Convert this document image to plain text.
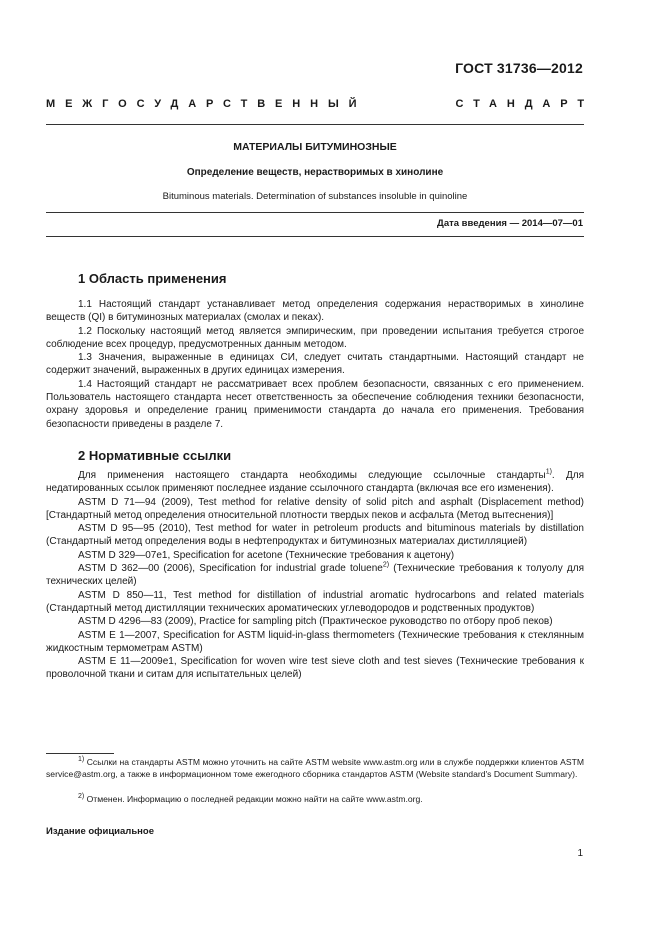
ГОСТ 31736—2012
МЕЖГОСУДАРСТВЕННЫЙ	СТАНДАРТ
МАТЕРИАЛЫ БИТУМИНОЗНЫЕ
Определение веществ, нерастворимых в хинолине
Bituminous materials. Determination of substances insoluble in quinoline
Дата введения — 2014—07—01
1 Область применения

1.1 Настоящий стандарт устанавливает метод определения содержания нерастворимых в хинолине веществ (QI) в битуминозных материалах (смолах и пеках).

1.2 Поскольку настоящий метод является эмпирическим, при проведении испытания требуется строгое соблюдение всех процедур, предусмотренных данным методом.

1.3 Значения, выраженные в единицах СИ, следует считать стандартными. Настоящий стандарт не содержит значений, выраженных в других единицах измерения.

1.4 Настоящий стандарт не рассматривает всех проблем безопасности, связанных с его применением. Пользователь настоящего стандарта несет ответственность за обеспечение соблюдения техники безопасности, охрану здоровья и определение границ применимости стандарта до начала его применения. Требования безопасности приведены в разделе 7.

2 Нормативные ссылки

Для применения настоящего стандарта необходимы следующие ссылочные стандарты$^{1)}$. Для недатированных ссылок применяют последнее издание ссылочного стандарта (включая все его изменения).

ASTM D 71—94 (2009), Test method for relative density of solid pitch and asphalt (Displacement method) [Стандартный метод определения относительной плотности твердых пеков и асфальта (Метод вытеснения)]

ASTM D 95—95 (2010), Test method for water in petroleum products and bituminous materials by distillation (Стандартный метод определения воды в нефтепродуктах и битуминозных материалах дистилляцией)

ASTM D 329—07e1, Specification for acetone (Технические требования к ацетону)

ASTM D 362—00 (2006), Specification for industrial grade toluene$^{2)}$ (Технические требования к толуолу для технических целей)

ASTM D 850—11, Test method for distillation of industrial aromatic hydrocarbons and related materials (Стандартный метод дистилляции технических ароматических углеводородов и родственных продуктов)

ASTM D 4296—83 (2009), Practice for sampling pitch (Практическое руководство по отбору проб пеков)

ASTM E 1—2007, Specification for ASTM liquid-in-glass thermometers (Технические требования к стеклянным жидкостным термометрам ASTM)

ASTM E 11—2009e1, Specification for woven wire test sieve cloth and test sieves (Технические требования к проволочной ткани и ситам для испытательных целей)

$^{1)}$ Ссылки на стандарты ASTM можно уточнить на сайте ASTM website www.astm.org или в службе поддержки клиентов ASTM service@astm.org, а также в информационном томе ежегодного сборника стандартов ASTM (Website standard's Document Summary).

$^{2)}$ Отменен. Информацию о последней редакции можно найти на сайте www.astm.org.

Издание официальное
1
